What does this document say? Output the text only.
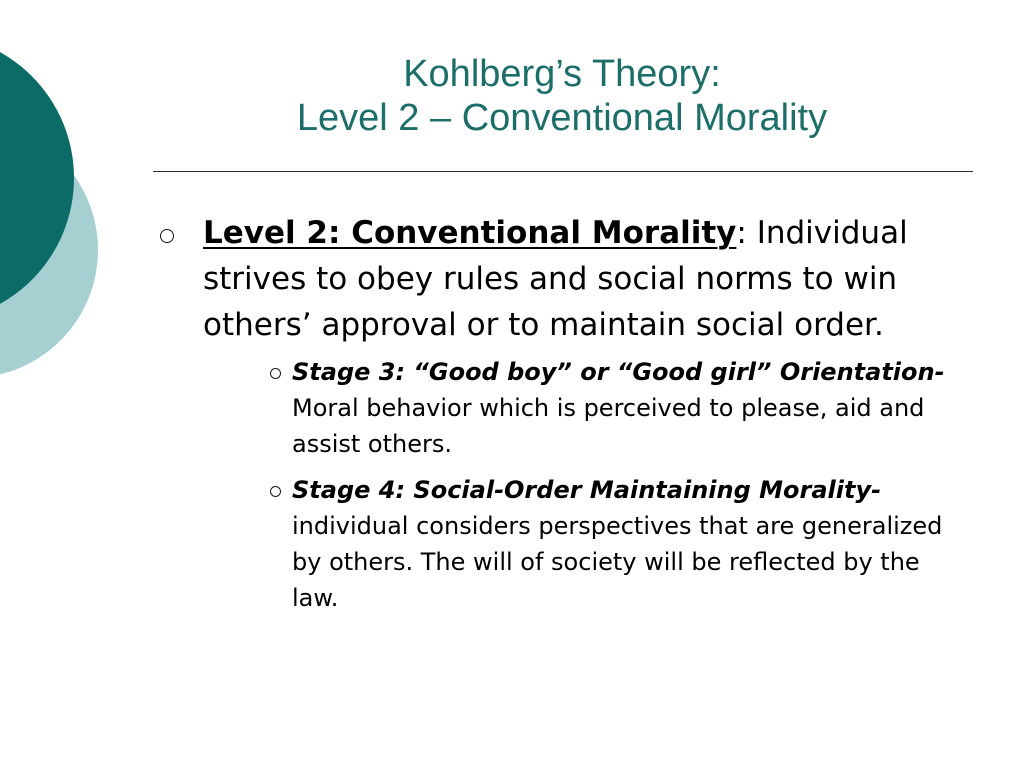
Kohlberg’s Theory:
Level 2 – Conventional Morality

Level 2: Conventional Morality: Individual strives to obey rules and social norms to win others’ approval or to maintain social order.

Stage 3: “Good boy” or “Good girl” Orientation- Moral behavior which is perceived to please, aid and assist others.

Stage 4: Social-Order Maintaining Morality- individual considers perspectives that are generalized by others. The will of society will be reflected by the law.
